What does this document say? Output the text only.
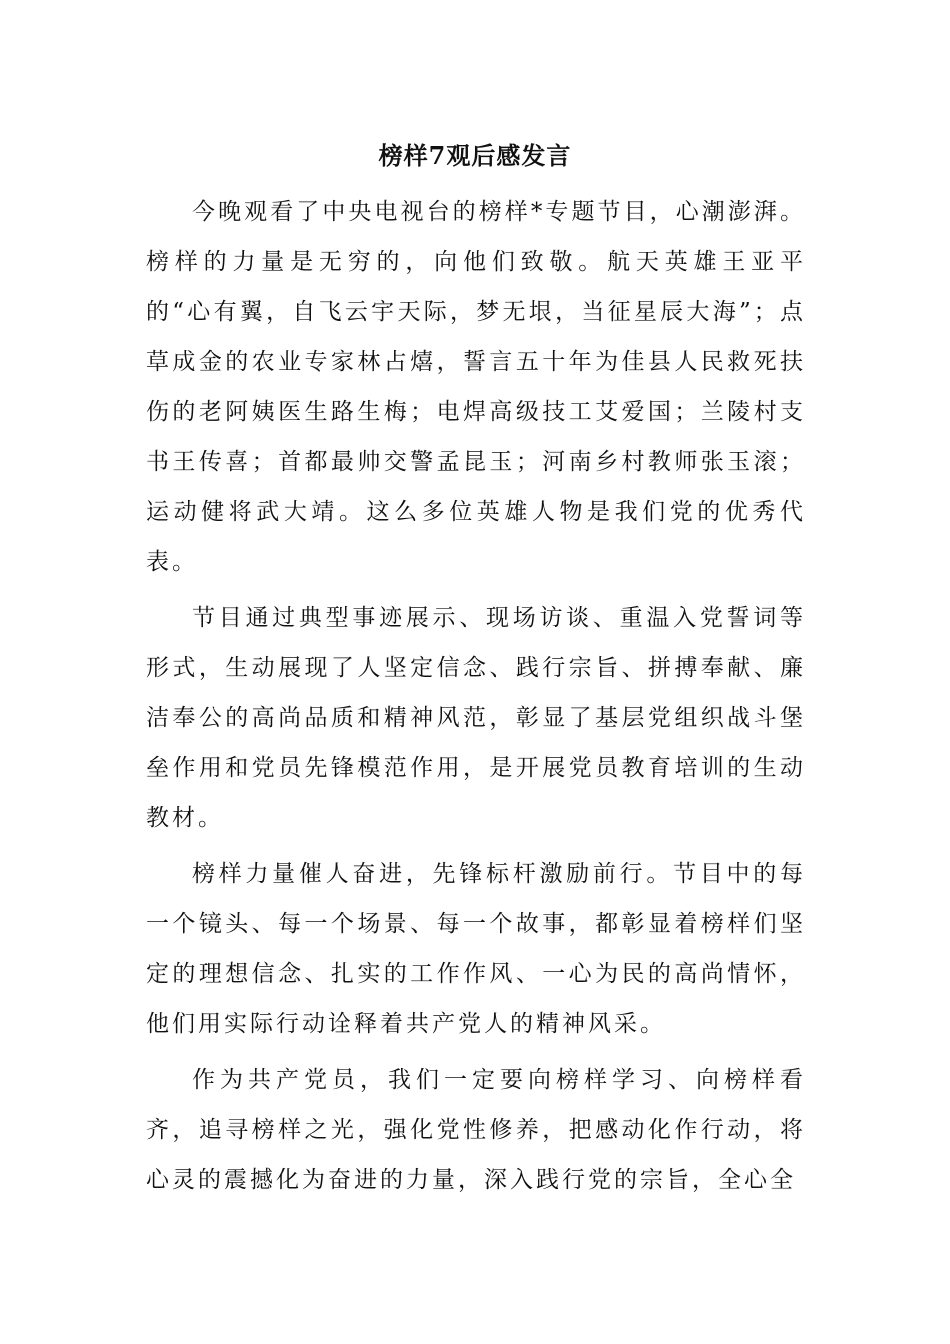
榜样7观后感发言

今晚观看了中央电视台的榜样*专题节目，心潮澎湃。榜样的力量是无穷的，向他们致敬。航天英雄王亚平的“心有翼，自飞云宇天际，梦无垠，当征星辰大海”；点草成金的农业专家林占熺，誓言五十年为佳县人民救死扶伤的老阿姨医生路生梅；电焊高级技工艾爱国；兰陵村支书王传喜；首都最帅交警孟昆玉；河南乡村教师张玉滚；运动健将武大靖。这么多位英雄人物是我们党的优秀代表。

节目通过典型事迹展示、现场访谈、重温入党誓词等形式，生动展现了人坚定信念、践行宗旨、拼搏奉献、廉洁奉公的高尚品质和精神风范，彰显了基层党组织战斗堡垒作用和党员先锋模范作用，是开展党员教育培训的生动教材。

榜样力量催人奋进，先锋标杆激励前行。节目中的每一个镜头、每一个场景、每一个故事，都彰显着榜样们坚定的理想信念、扎实的工作作风、一心为民的高尚情怀，他们用实际行动诠释着共产党人的精神风采。

作为共产党员，我们一定要向榜样学习、向榜样看齐，追寻榜样之光，强化党性修养，把感动化作行动，将心灵的震撼化为奋进的力量，深入践行党的宗旨，全心全
